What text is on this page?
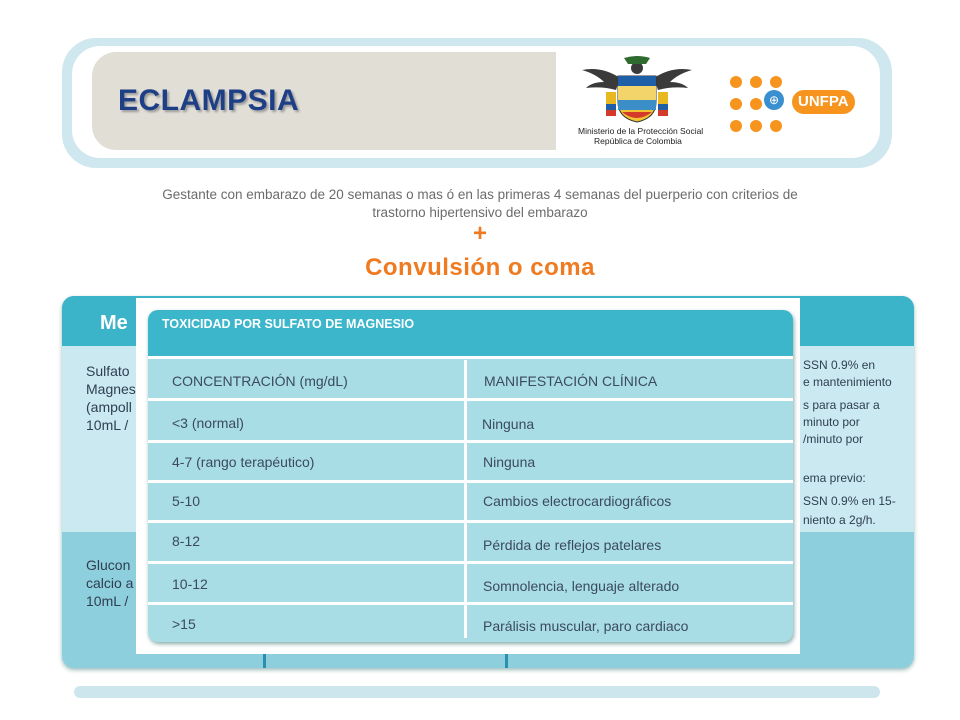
ECLAMPSIA
Ministerio de la Protección Social
República de Colombia
⊕	UNFPA
Gestante con embarazo de 20 semanas o mas ó en las primeras 4 semanas del puerperio con criterios de
trastorno hipertensivo del embarazo
+
Convulsión o coma
Me
Sulfato
Magnes
(ampoll
10mL /
SSN 0.9% en
e mantenimiento
s para pasar a
minuto por
/minuto por
ema previo:
SSN 0.9% en 15-
niento a 2g/h.
Glucon
calcio a
10mL /
TOXICIDAD POR SULFATO DE MAGNESIO
CONCENTRACIÓN (mg/dL)	MANIFESTACIÓN CLÍNICA
<3 (normal)	Ninguna
4-7 (rango terapéutico)	Ninguna
5-10	Cambios electrocardiográficos
8-12	Pérdida de reflejos patelares
10-12	Somnolencia, lenguaje alterado
>15	Parálisis muscular, paro cardiaco
